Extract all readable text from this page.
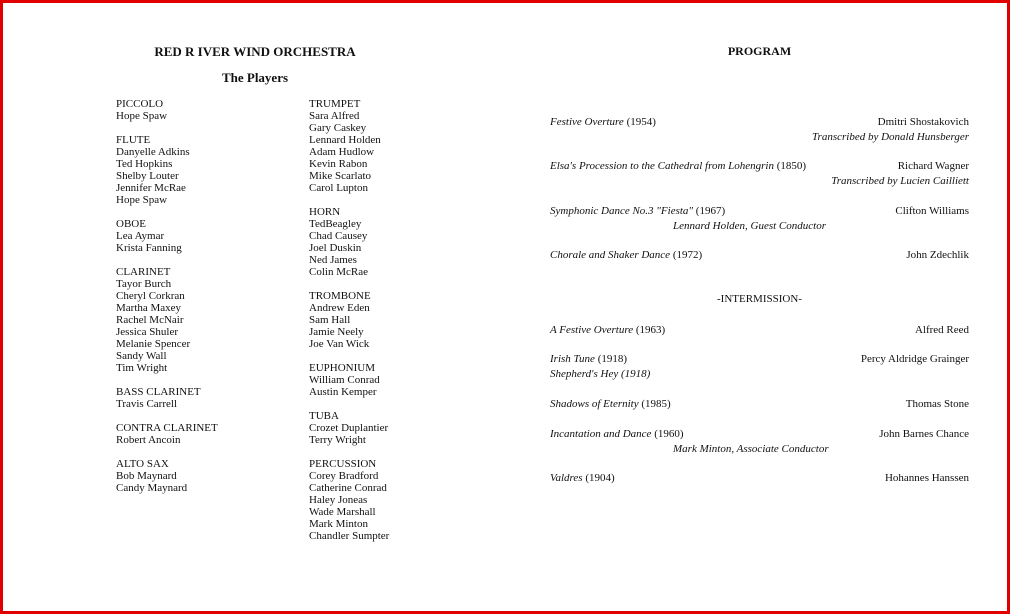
RED R IVER WIND ORCHESTRA
The Players
PICCOLO
Hope Spaw
FLUTE
Danyelle Adkins
Ted Hopkins
Shelby Louter
Jennifer McRae
Hope Spaw
OBOE
Lea Aymar
Krista Fanning
CLARINET
Tayor Burch
Cheryl Corkran
Martha Maxey
Rachel McNair
Jessica Shuler
Melanie Spencer
Sandy Wall
Tim Wright
BASS CLARINET
Travis Carrell
CONTRA CLARINET
Robert Ancoin
ALTO SAX
Bob Maynard
Candy Maynard
TRUMPET
Sara Alfred
Gary Caskey
Lennard Holden
Adam Hudlow
Kevin Rabon
Mike Scarlato
Carol Lupton
HORN
TedBeagley
Chad Causey
Joel Duskin
Ned James
Colin McRae
TROMBONE
Andrew Eden
Sam Hall
Jamie Neely
Joe Van Wick
EUPHONIUM
William Conrad
Austin Kemper
TUBA
Crozet Duplantier
Terry Wright
PERCUSSION
Corey Bradford
Catherine Conrad
Haley Joneas
Wade Marshall
Mark Minton
Chandler Sumpter
PROGRAM
Festive Overture (1954)	Dmitri Shostakovich
Transcribed by Donald Hunsberger
Elsa's Procession to the Cathedral from Lohengrin (1850)	Richard Wagner
Transcribed by Lucien Cailliett
Symphonic Dance No.3 "Fiesta" (1967)	Clifton Williams
Lennard Holden, Guest Conductor
Chorale and Shaker Dance (1972)	John Zdechlik
-INTERMISSION-
A Festive Overture (1963)	Alfred Reed
Irish Tune (1918)	Percy Aldridge Grainger
Shepherd's Hey (1918)
Shadows of Eternity (1985)	Thomas Stone
Incantation and Dance (1960)	John Barnes Chance
Mark Minton, Associate Conductor
Valdres (1904)	Hohannes Hanssen
